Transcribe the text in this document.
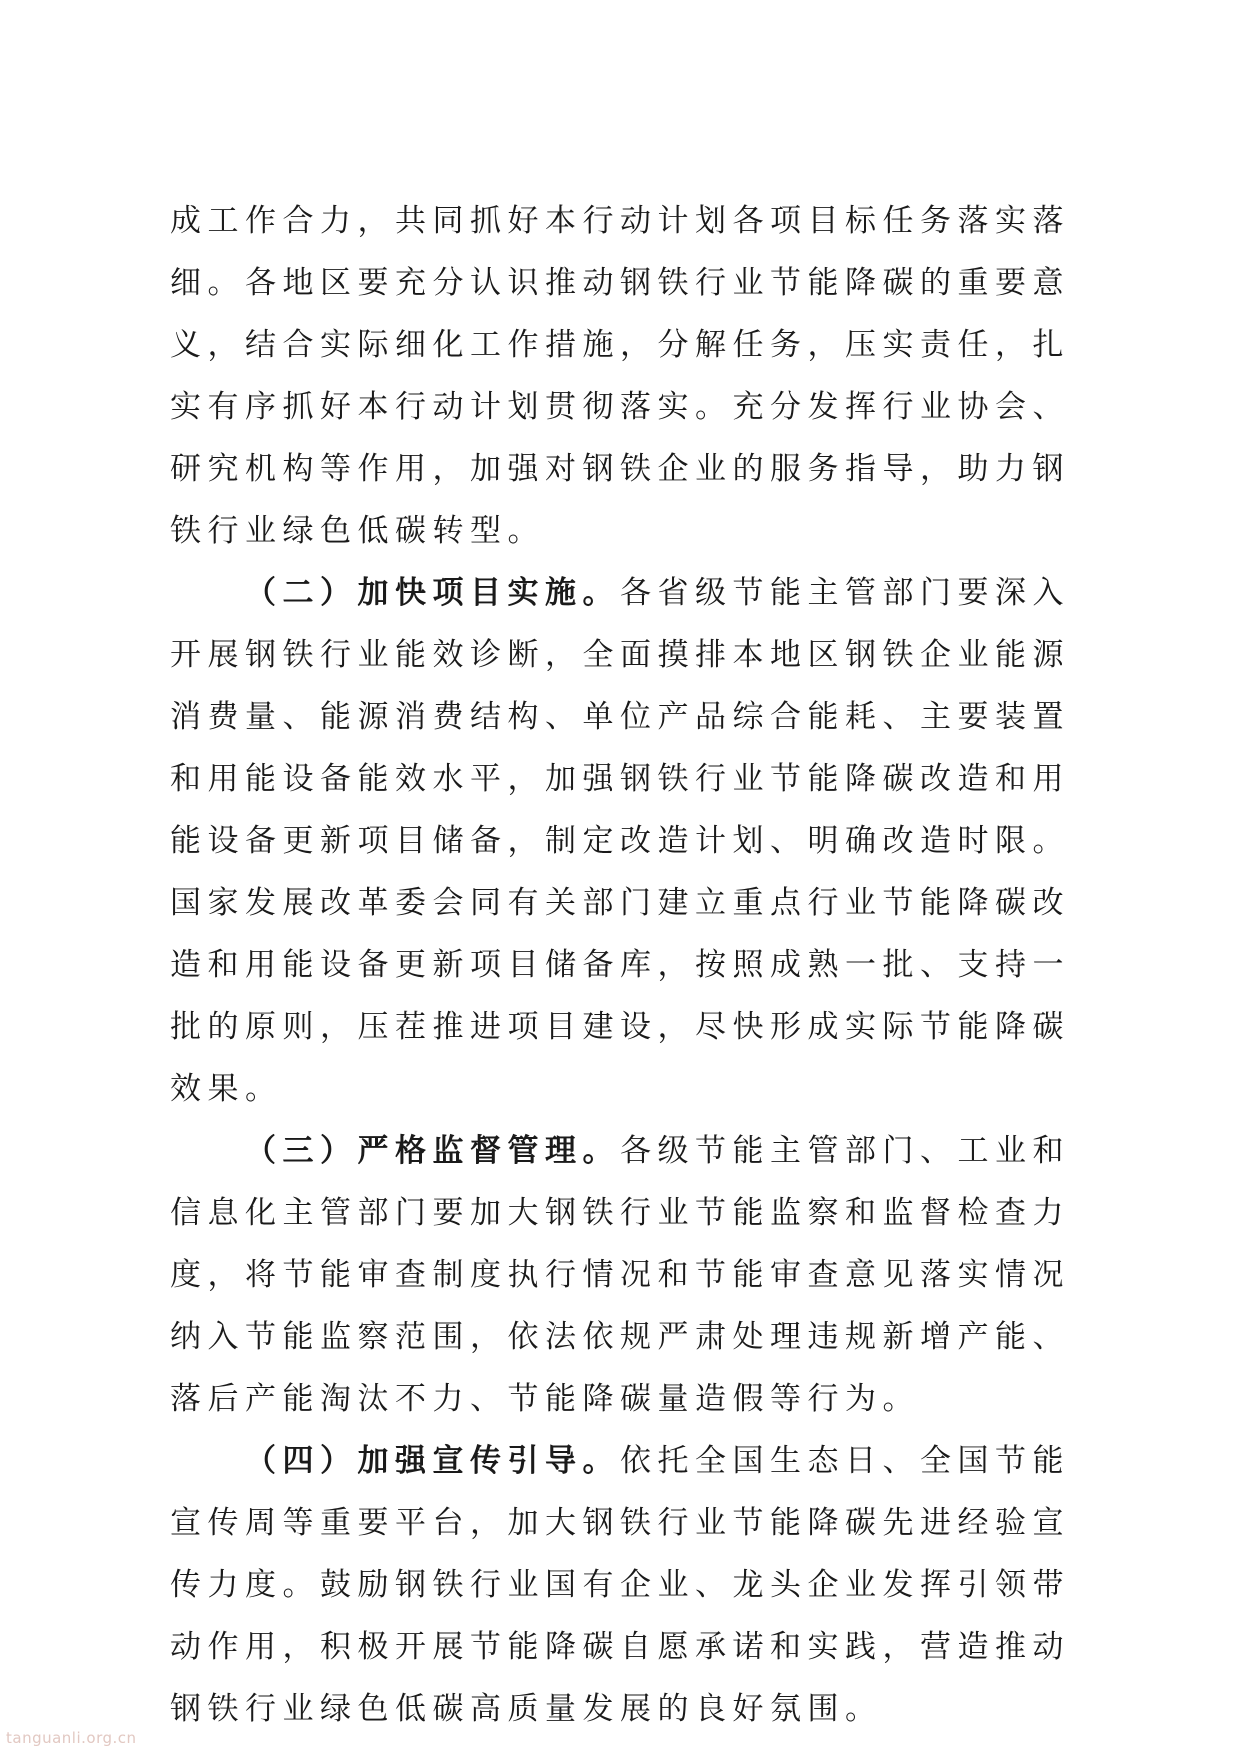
成工作合力，共同抓好本行动计划各项目标任务落实落细。各地区要充分认识推动钢铁行业节能降碳的重要意义，结合实际细化工作措施，分解任务，压实责任，扎实有序抓好本行动计划贯彻落实。充分发挥行业协会、研究机构等作用，加强对钢铁企业的服务指导，助力钢铁行业绿色低碳转型。

（二）加快项目实施。各省级节能主管部门要深入开展钢铁行业能效诊断，全面摸排本地区钢铁企业能源消费量、能源消费结构、单位产品综合能耗、主要装置和用能设备能效水平，加强钢铁行业节能降碳改造和用能设备更新项目储备，制定改造计划、明确改造时限。国家发展改革委会同有关部门建立重点行业节能降碳改造和用能设备更新项目储备库，按照成熟一批、支持一批的原则，压茬推进项目建设，尽快形成实际节能降碳效果。

（三）严格监督管理。各级节能主管部门、工业和信息化主管部门要加大钢铁行业节能监察和监督检查力度，将节能审查制度执行情况和节能审查意见落实情况纳入节能监察范围，依法依规严肃处理违规新增产能、落后产能淘汰不力、节能降碳量造假等行为。

（四）加强宣传引导。依托全国生态日、全国节能宣传周等重要平台，加大钢铁行业节能降碳先进经验宣传力度。鼓励钢铁行业国有企业、龙头企业发挥引领带动作用，积极开展节能降碳自愿承诺和实践，营造推动钢铁行业绿色低碳高质量发展的良好氛围。

tanguanli.org.cn
